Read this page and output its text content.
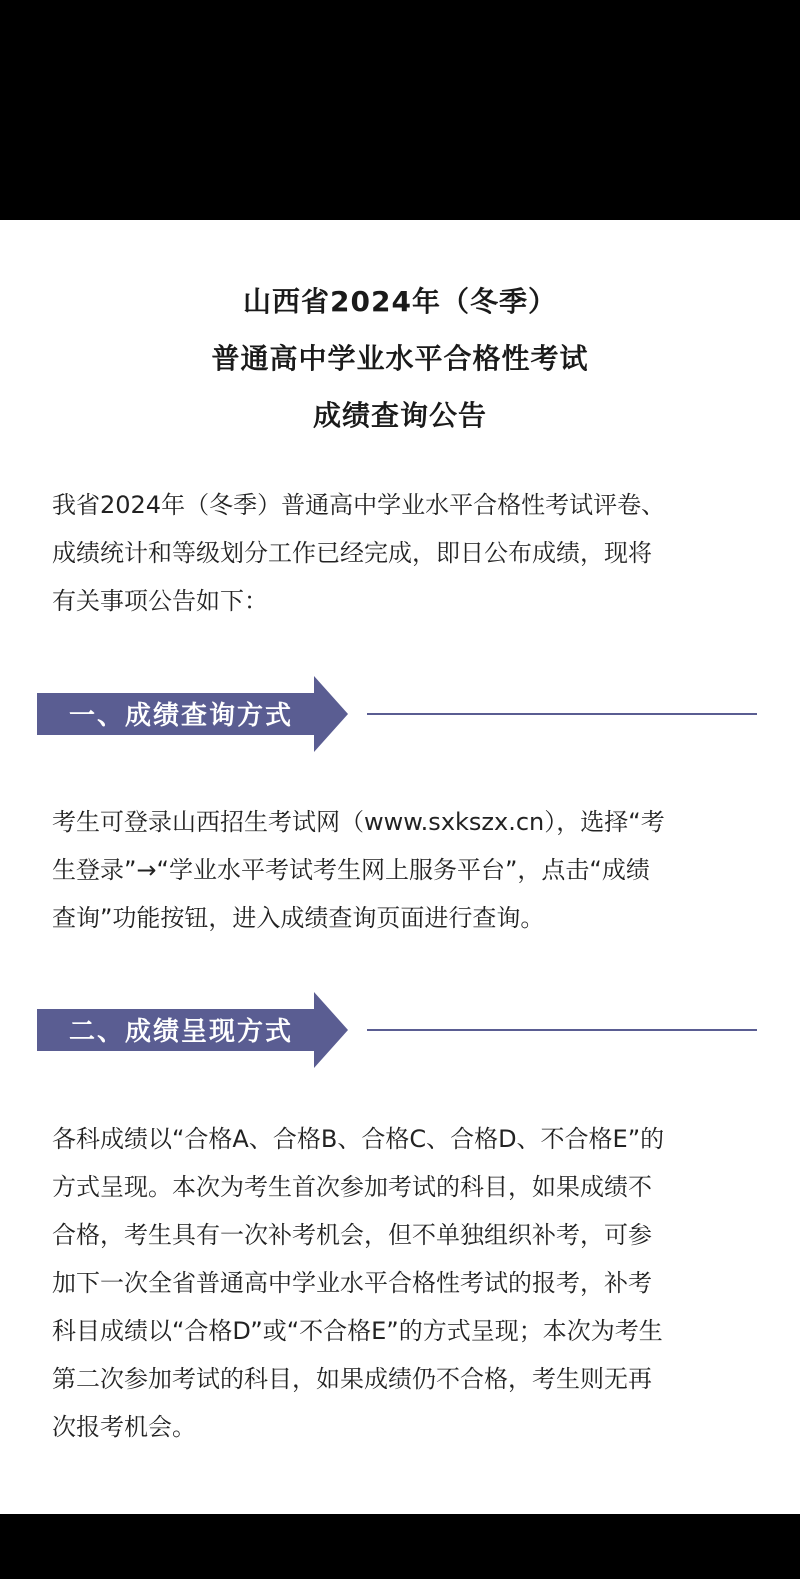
山西省2024年（冬季）
普通高中学业水平合格性考试
成绩查询公告
我省2024年（冬季）普通高中学业水平合格性考试评卷、
成绩统计和等级划分工作已经完成，即日公布成绩，现将
有关事项公告如下：
一、成绩查询方式
考生可登录山西招生考试网（www.sxkszx.cn），选择“考
生登录”→“学业水平考试考生网上服务平台”，点击“成绩
查询”功能按钮，进入成绩查询页面进行查询。
二、成绩呈现方式
各科成绩以“合格A、合格B、合格C、合格D、不合格E”的
方式呈现。本次为考生首次参加考试的科目，如果成绩不
合格，考生具有一次补考机会，但不单独组织补考，可参
加下一次全省普通高中学业水平合格性考试的报考，补考
科目成绩以“合格D”或“不合格E”的方式呈现；本次为考生
第二次参加考试的科目，如果成绩仍不合格，考生则无再
次报考机会。
